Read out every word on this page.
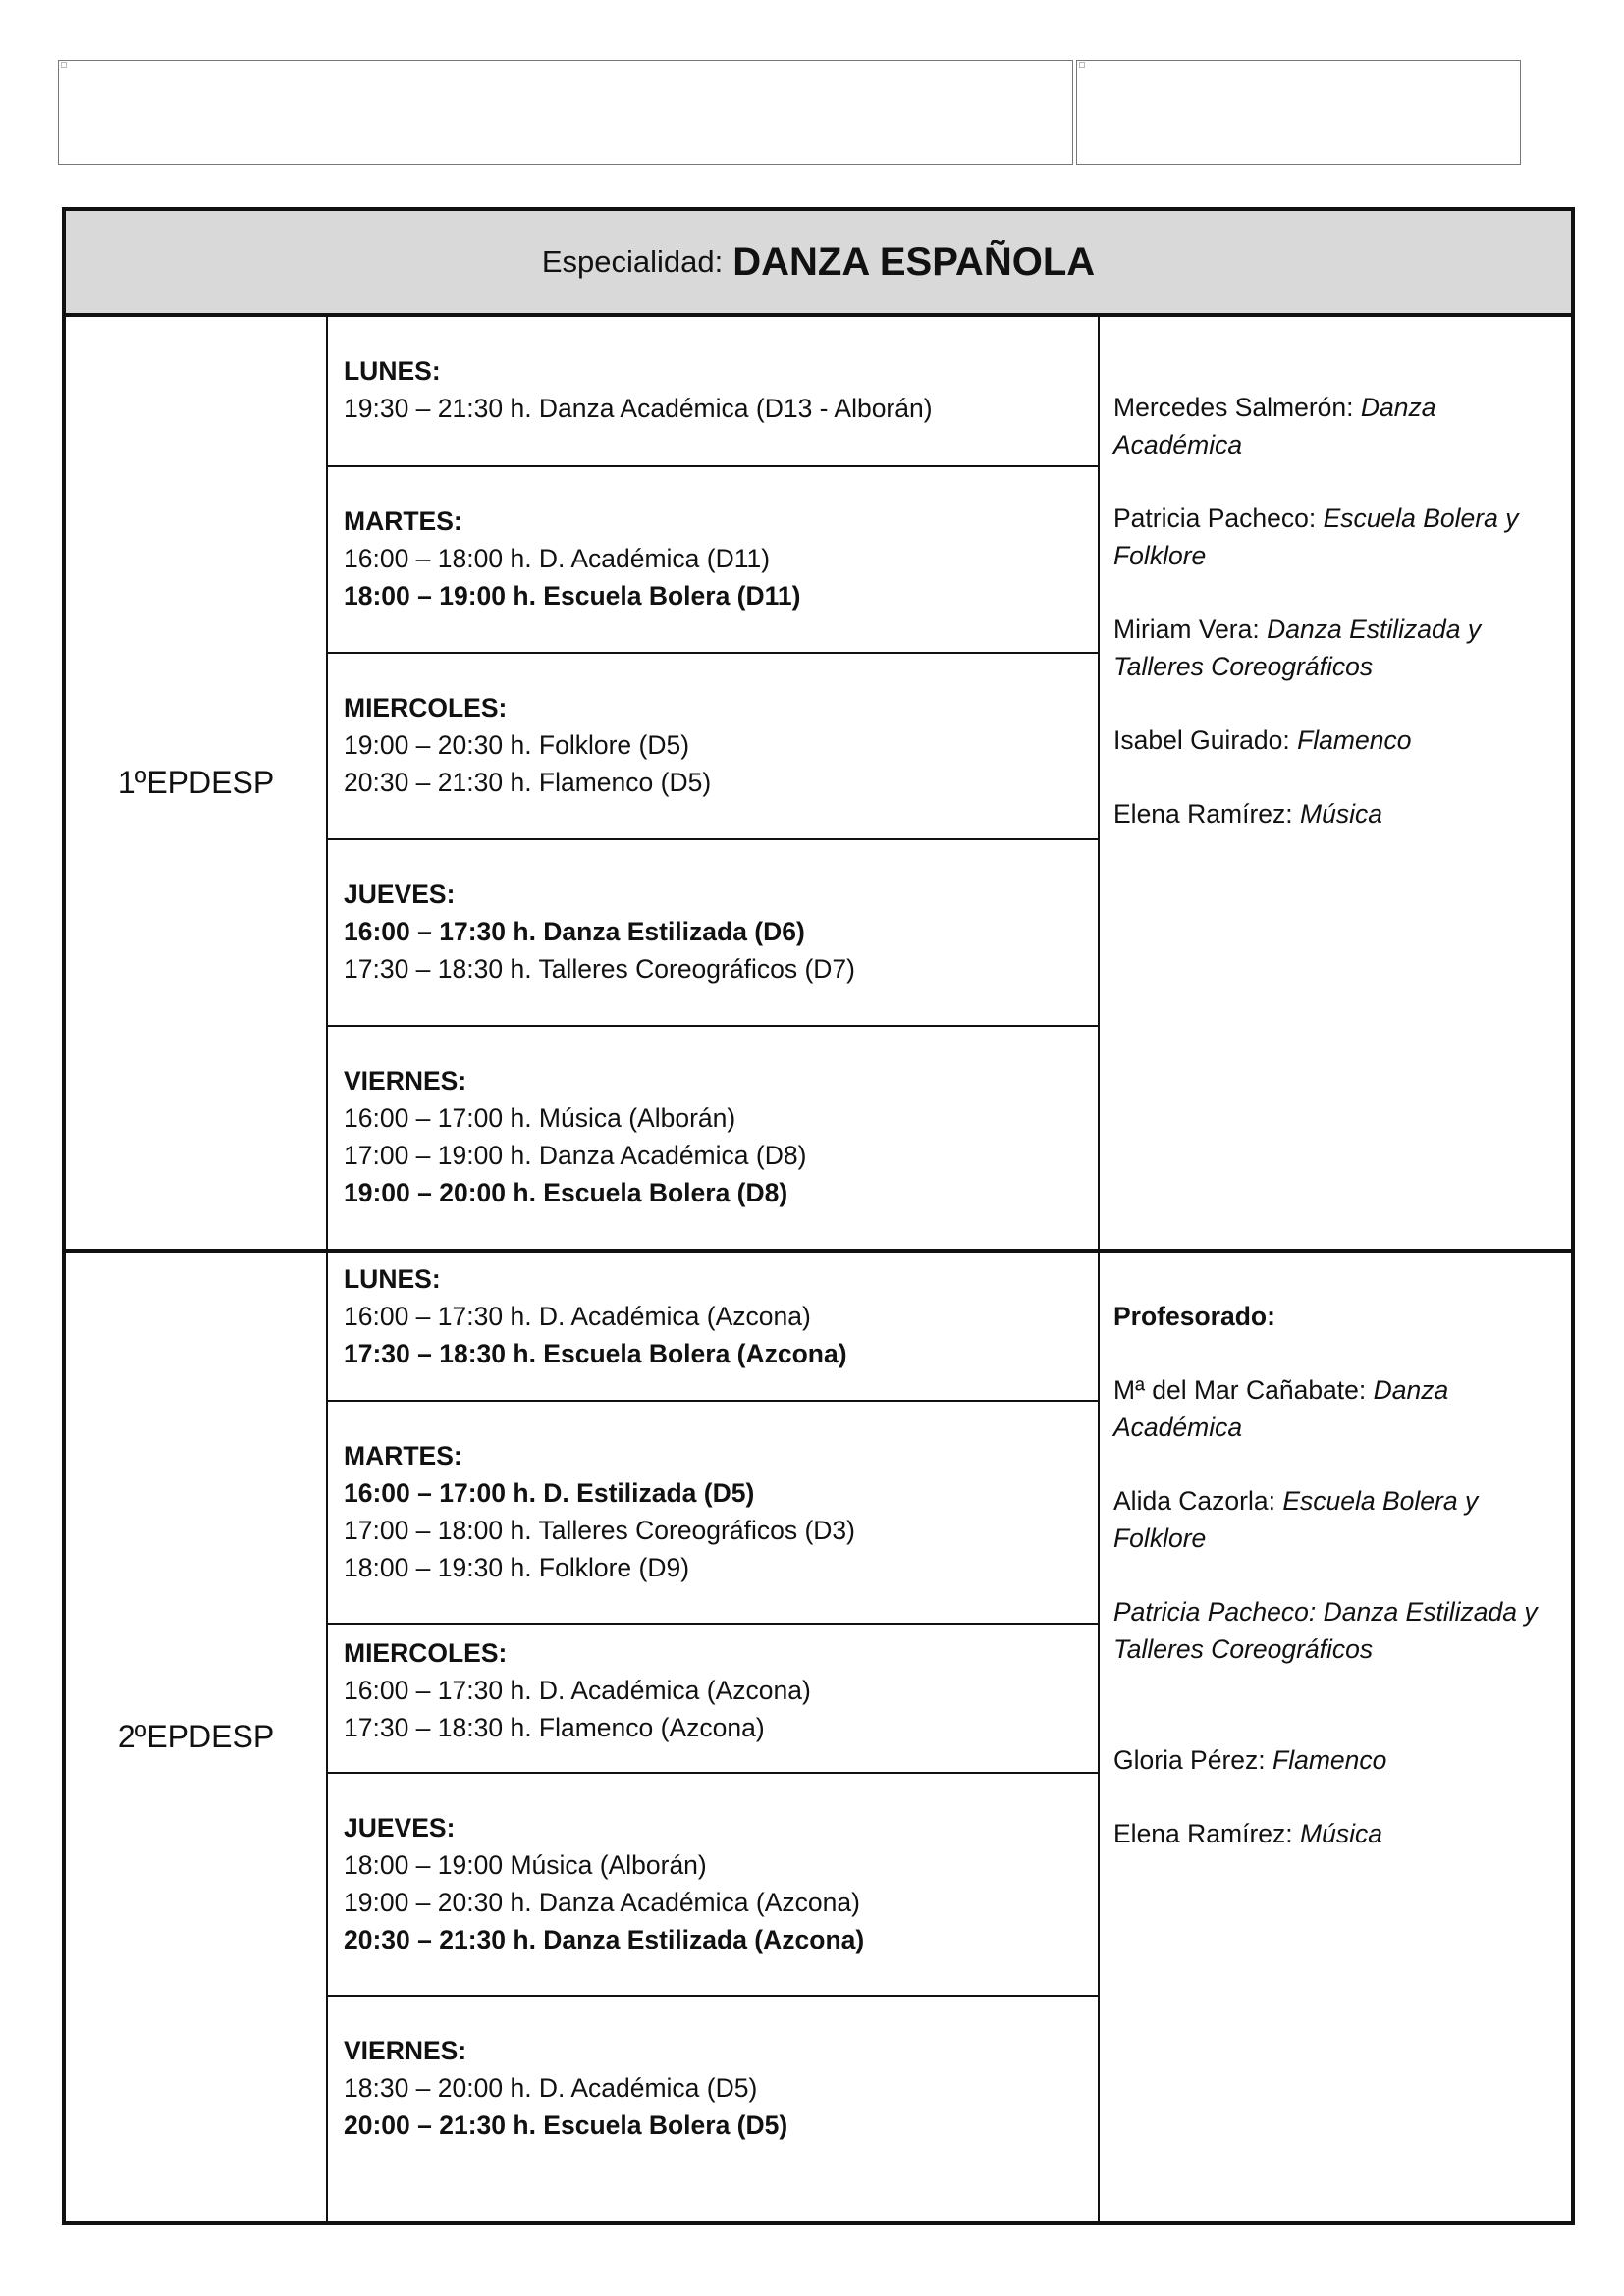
Especialidad: DANZA ESPAÑOLA
1ºEPDESP
LUNES:
19:30 – 21:30 h. Danza Académica (D13 - Alborán)
MARTES:
16:00 – 18:00 h. D. Académica (D11)
18:00 – 19:00 h. Escuela Bolera (D11)
MIERCOLES:
19:00 – 20:30 h. Folklore (D5)
20:30 – 21:30 h. Flamenco (D5)
JUEVES:
16:00 – 17:30 h. Danza Estilizada (D6)
17:30 – 18:30 h. Talleres Coreográficos (D7)
VIERNES:
16:00 – 17:00 h. Música (Alborán)
17:00 – 19:00 h. Danza Académica (D8)
19:00 – 20:00 h. Escuela Bolera (D8)
Mercedes Salmerón: Danza Académica
Patricia Pacheco: Escuela Bolera y Folklore
Miriam Vera: Danza Estilizada y Talleres Coreográficos
Isabel Guirado: Flamenco
Elena Ramírez: Música
2ºEPDESP
LUNES:
16:00 – 17:30 h. D. Académica (Azcona)
17:30 – 18:30 h. Escuela Bolera (Azcona)
MARTES:
16:00 – 17:00 h. D. Estilizada (D5)
17:00 – 18:00 h. Talleres Coreográficos (D3)
18:00 – 19:30 h. Folklore (D9)
MIERCOLES:
16:00 – 17:30 h. D. Académica (Azcona)
17:30 – 18:30 h. Flamenco (Azcona)
JUEVES:
18:00 – 19:00 Música (Alborán)
19:00 – 20:30 h. Danza Académica (Azcona)
20:30 – 21:30 h. Danza Estilizada (Azcona)
VIERNES:
18:30 – 20:00 h. D. Académica (D5)
20:00 – 21:30 h. Escuela Bolera (D5)
Profesorado:
Mª del Mar Cañabate: Danza Académica
Alida Cazorla: Escuela Bolera y Folklore
Patricia Pacheco: Danza Estilizada y Talleres Coreográficos
Gloria Pérez: Flamenco
Elena Ramírez: Música
